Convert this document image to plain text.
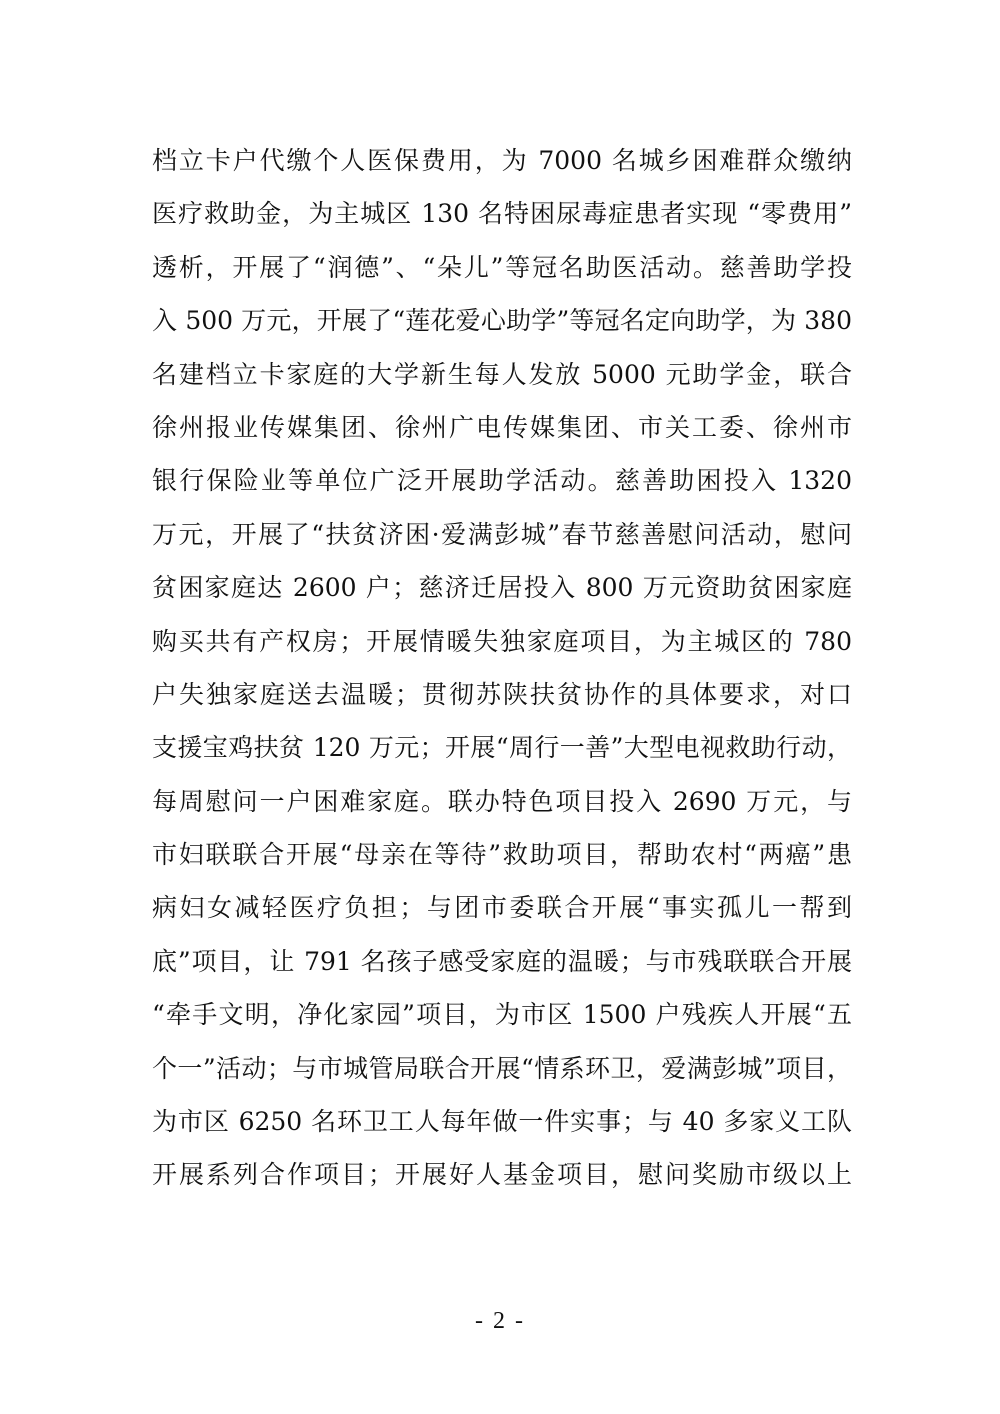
档立卡户代缴个人医保费用，为 7000 名城乡困难群众缴纳
医疗救助金，为主城区 130 名特困尿毒症患者实现 “零费用”
透析，开展了“润德”、“朵儿”等冠名助医活动。慈善助学投
入 500 万元，开展了“莲花爱心助学”等冠名定向助学，为 380
名建档立卡家庭的大学新生每人发放 5000 元助学金，联合
徐州报业传媒集团、徐州广电传媒集团、市关工委、徐州市
银行保险业等单位广泛开展助学活动。慈善助困投入 1320
万元，开展了“扶贫济困·爱满彭城”春节慈善慰问活动，慰问
贫困家庭达 2600 户；慈济迁居投入 800 万元资助贫困家庭
购买共有产权房；开展情暖失独家庭项目，为主城区的 780
户失独家庭送去温暖；贯彻苏陕扶贫协作的具体要求，对口
支援宝鸡扶贫 120 万元；开展“周行一善”大型电视救助行动，
每周慰问一户困难家庭。联办特色项目投入 2690 万元，与
市妇联联合开展“母亲在等待”救助项目，帮助农村“两癌”患
病妇女减轻医疗负担；与团市委联合开展“事实孤儿一帮到
底”项目，让 791 名孩子感受家庭的温暖；与市残联联合开展
“牵手文明，净化家园”项目，为市区 1500 户残疾人开展“五
个一”活动；与市城管局联合开展“情系环卫，爱满彭城”项目，
为市区 6250 名环卫工人每年做一件实事；与 40 多家义工队
开展系列合作项目；开展好人基金项目，慰问奖励市级以上
- 2 -
